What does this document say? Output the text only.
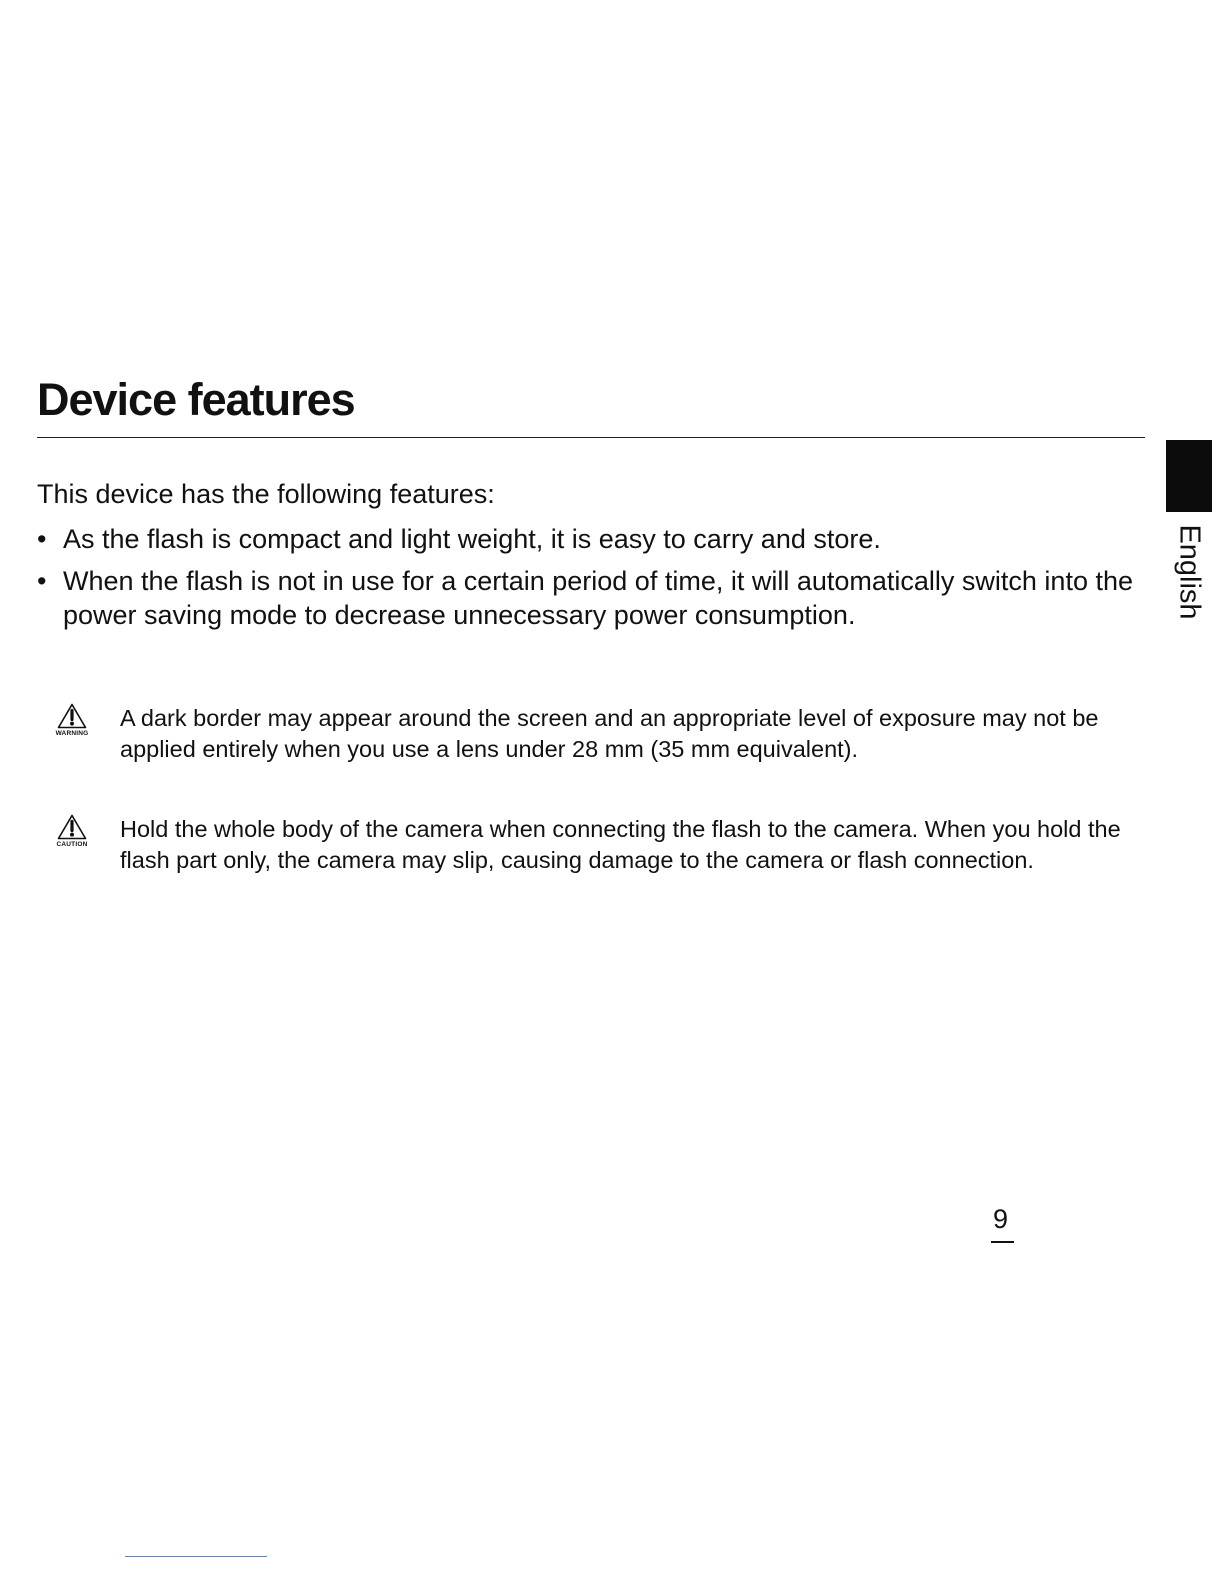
Device features
English

This device has the following features:

• As the flash is compact and light weight, it is easy to carry and store.
• When the flash is not in use for a certain period of time, it will automatically switch into the power saving mode to decrease unnecessary power consumption.
WARNING

A dark border may appear around the screen and an appropriate level of exposure may not be applied entirely when you use a lens under 28 mm (35 mm equivalent).

CAUTION

Hold the whole body of the camera when connecting the flash to the camera. When you hold the flash part only, the camera may slip, causing damage to the camera or flash connection.

9
